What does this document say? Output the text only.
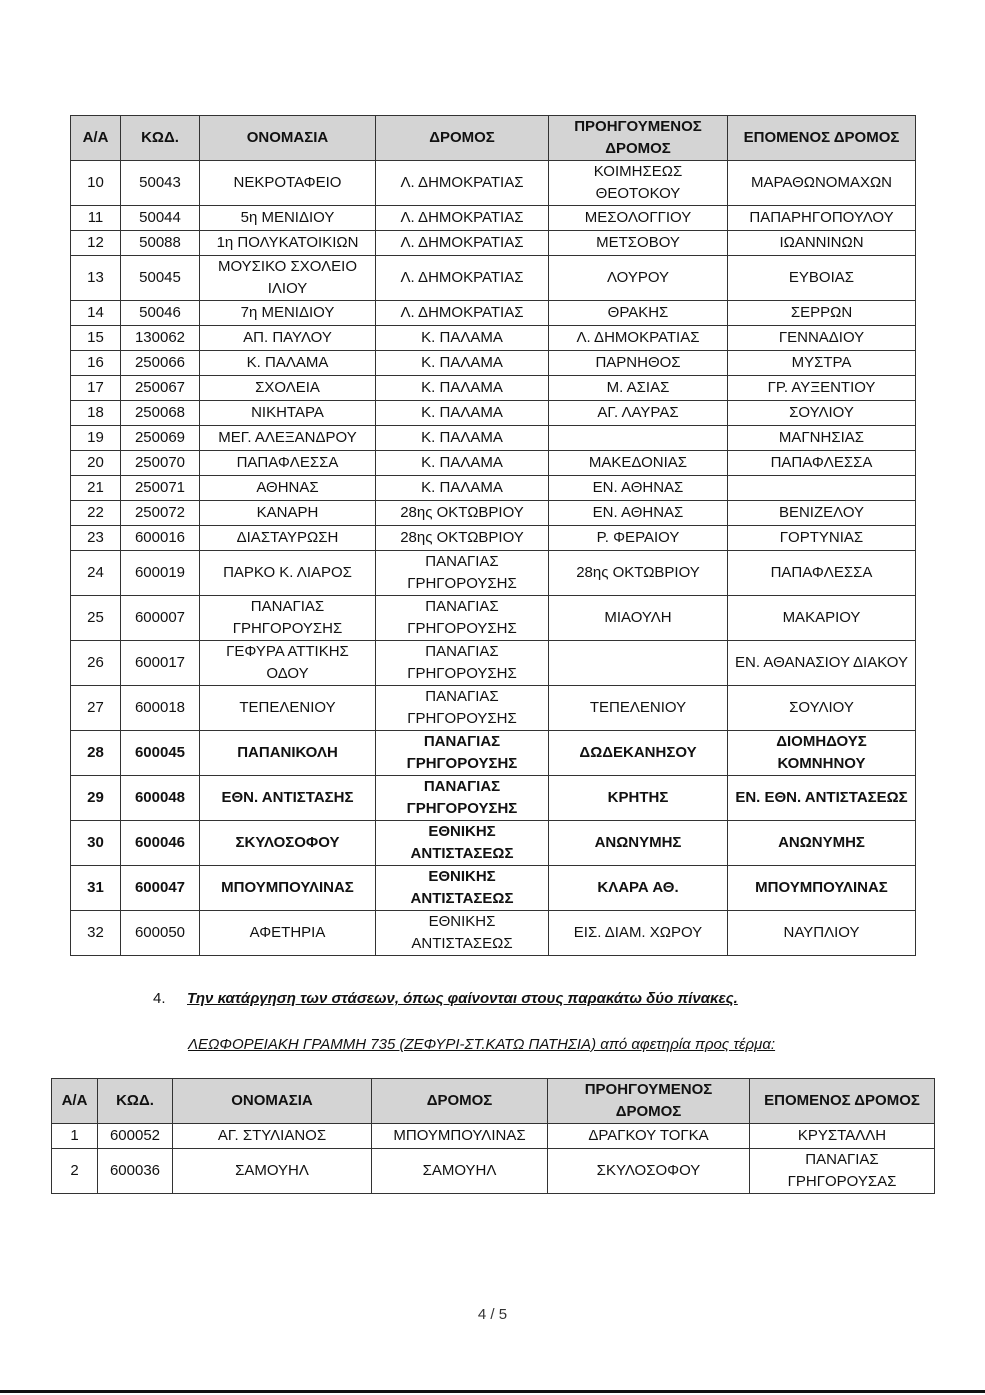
Α/Α	ΚΩΔ.	ΟΝΟΜΑΣΙΑ	ΔΡΟΜΟΣ	ΠΡΟΗΓΟΥΜΕΝΟΣ ΔΡΟΜΟΣ	ΕΠΟΜΕΝΟΣ ΔΡΟΜΟΣ
10	50043	ΝΕΚΡΟΤΑΦΕΙΟ	Λ. ΔΗΜΟΚΡΑΤΙΑΣ	ΚΟΙΜΗΣΕΩΣ ΘΕΟΤΟΚΟΥ	ΜΑΡΑΘΩΝΟΜΑΧΩΝ
11	50044	5η ΜΕΝΙΔΙΟΥ	Λ. ΔΗΜΟΚΡΑΤΙΑΣ	ΜΕΣΟΛΟΓΓΙΟΥ	ΠΑΠΑΡΗΓΟΠΟΥΛΟΥ
12	50088	1η ΠΟΛΥΚΑΤΟΙΚΙΩΝ	Λ. ΔΗΜΟΚΡΑΤΙΑΣ	ΜΕΤΣΟΒΟΥ	ΙΩΑΝΝΙΝΩΝ
13	50045	ΜΟΥΣΙΚΟ ΣΧΟΛΕΙΟ ΙΛΙΟΥ	Λ. ΔΗΜΟΚΡΑΤΙΑΣ	ΛΟΥΡΟΥ	ΕΥΒΟΙΑΣ
14	50046	7η ΜΕΝΙΔΙΟΥ	Λ. ΔΗΜΟΚΡΑΤΙΑΣ	ΘΡΑΚΗΣ	ΣΕΡΡΩΝ
15	130062	ΑΠ. ΠΑΥΛΟΥ	Κ. ΠΑΛΑΜΑ	Λ. ΔΗΜΟΚΡΑΤΙΑΣ	ΓΕΝΝΑΔΙΟΥ
16	250066	Κ. ΠΑΛΑΜΑ	Κ. ΠΑΛΑΜΑ	ΠΑΡΝΗΘΟΣ	ΜΥΣΤΡΑ
17	250067	ΣΧΟΛΕΙΑ	Κ. ΠΑΛΑΜΑ	Μ. ΑΣΙΑΣ	ΓΡ. ΑΥΞΕΝΤΙΟΥ
18	250068	ΝΙΚΗΤΑΡΑ	Κ. ΠΑΛΑΜΑ	ΑΓ. ΛΑΥΡΑΣ	ΣΟΥΛΙΟΥ
19	250069	ΜΕΓ. ΑΛΕΞΑΝΔΡΟΥ	Κ. ΠΑΛΑΜΑ		ΜΑΓΝΗΣΙΑΣ
20	250070	ΠΑΠΑΦΛΕΣΣΑ	Κ. ΠΑΛΑΜΑ	ΜΑΚΕΔΟΝΙΑΣ	ΠΑΠΑΦΛΕΣΣΑ
21	250071	ΑΘΗΝΑΣ	Κ. ΠΑΛΑΜΑ	ΕΝ. ΑΘΗΝΑΣ	
22	250072	ΚΑΝΑΡΗ	28ης ΟΚΤΩΒΡΙΟΥ	ΕΝ. ΑΘΗΝΑΣ	ΒΕΝΙΖΕΛΟΥ
23	600016	ΔΙΑΣΤΑΥΡΩΣΗ	28ης ΟΚΤΩΒΡΙΟΥ	Ρ. ΦΕΡΑΙΟΥ	ΓΟΡΤΥΝΙΑΣ
24	600019	ΠΑΡΚΟ Κ. ΛΙΑΡΟΣ	ΠΑΝΑΓΙΑΣ ΓΡΗΓΟΡΟΥΣΗΣ	28ης ΟΚΤΩΒΡΙΟΥ	ΠΑΠΑΦΛΕΣΣΑ
25	600007	ΠΑΝΑΓΙΑΣ ΓΡΗΓΟΡΟΥΣΗΣ	ΠΑΝΑΓΙΑΣ ΓΡΗΓΟΡΟΥΣΗΣ	ΜΙΑΟΥΛΗ	ΜΑΚΑΡΙΟΥ
26	600017	ΓΕΦΥΡΑ ΑΤΤΙΚΗΣ ΟΔΟΥ	ΠΑΝΑΓΙΑΣ ΓΡΗΓΟΡΟΥΣΗΣ		ΕΝ. ΑΘΑΝΑΣΙΟΥ ΔΙΑΚΟΥ
27	600018	ΤΕΠΕΛΕΝΙΟΥ	ΠΑΝΑΓΙΑΣ ΓΡΗΓΟΡΟΥΣΗΣ	ΤΕΠΕΛΕΝΙΟΥ	ΣΟΥΛΙΟΥ
28	600045	ΠΑΠΑΝΙΚΟΛΗ	ΠΑΝΑΓΙΑΣ ΓΡΗΓΟΡΟΥΣΗΣ	ΔΩΔΕΚΑΝΗΣΟΥ	ΔΙΟΜΗΔΟΥΣ ΚΟΜΝΗΝΟΥ
29	600048	ΕΘΝ. ΑΝΤΙΣΤΑΣΗΣ	ΠΑΝΑΓΙΑΣ ΓΡΗΓΟΡΟΥΣΗΣ	ΚΡΗΤΗΣ	ΕΝ. ΕΘΝ. ΑΝΤΙΣΤΑΣΕΩΣ
30	600046	ΣΚΥΛΟΣΟΦΟΥ	ΕΘΝΙΚΗΣ ΑΝΤΙΣΤΑΣΕΩΣ	ΑΝΩΝΥΜΗΣ	ΑΝΩΝΥΜΗΣ
31	600047	ΜΠΟΥΜΠΟΥΛΙΝΑΣ	ΕΘΝΙΚΗΣ ΑΝΤΙΣΤΑΣΕΩΣ	ΚΛΑΡΑ ΑΘ.	ΜΠΟΥΜΠΟΥΛΙΝΑΣ
32	600050	ΑΦΕΤΗΡΙΑ	ΕΘΝΙΚΗΣ ΑΝΤΙΣΤΑΣΕΩΣ	ΕΙΣ. ΔΙΑΜ. ΧΩΡΟΥ	ΝΑΥΠΛΙΟΥ
4. Την κατάργηση των στάσεων, όπως φαίνονται στους παρακάτω δύο πίνακες.
ΛΕΩΦΟΡΕΙΑΚΗ ΓΡΑΜΜΗ 735 (ΖΕΦΥΡΙ-ΣΤ.ΚΑΤΩ ΠΑΤΗΣΙΑ) από αφετηρία προς τέρμα:
Α/Α	ΚΩΔ.	ΟΝΟΜΑΣΙΑ	ΔΡΟΜΟΣ	ΠΡΟΗΓΟΥΜΕΝΟΣ ΔΡΟΜΟΣ	ΕΠΟΜΕΝΟΣ ΔΡΟΜΟΣ
1	600052	ΑΓ. ΣΤΥΛΙΑΝΟΣ	ΜΠΟΥΜΠΟΥΛΙΝΑΣ	ΔΡΑΓΚΟΥ ΤΟΓΚΑ	ΚΡΥΣΤΑΛΛΗ
2	600036	ΣΑΜΟΥΗΛ	ΣΑΜΟΥΗΛ	ΣΚΥΛΟΣΟΦΟΥ	ΠΑΝΑΓΙΑΣ ΓΡΗΓΟΡΟΥΣΑΣ
4 / 5
